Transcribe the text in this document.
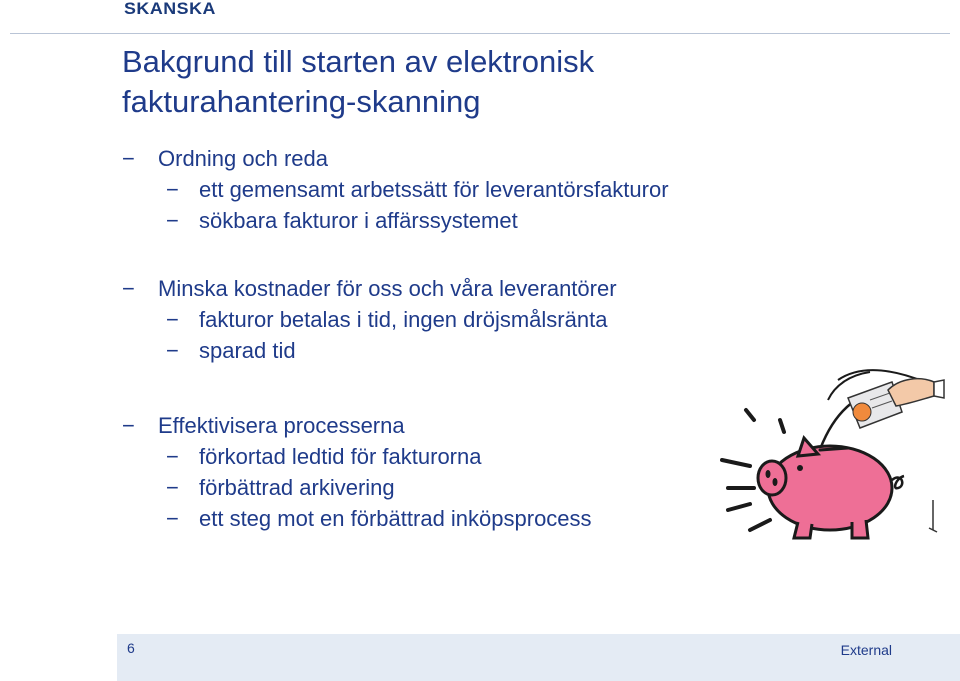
SKANSKA
Bakgrund till starten av elektronisk
fakturahantering-skanning
− Ordning och reda
− ett gemensamt arbetssätt för leverantörsfakturor
− sökbara fakturor i affärssystemet
− Minska kostnader för oss och våra leverantörer
− fakturor betalas i tid, ingen dröjsmålsränta
− sparad tid
− Effektivisera processerna
− förkortad ledtid för fakturorna
− förbättrad arkivering
− ett steg mot en förbättrad inköpsprocess
6	External
